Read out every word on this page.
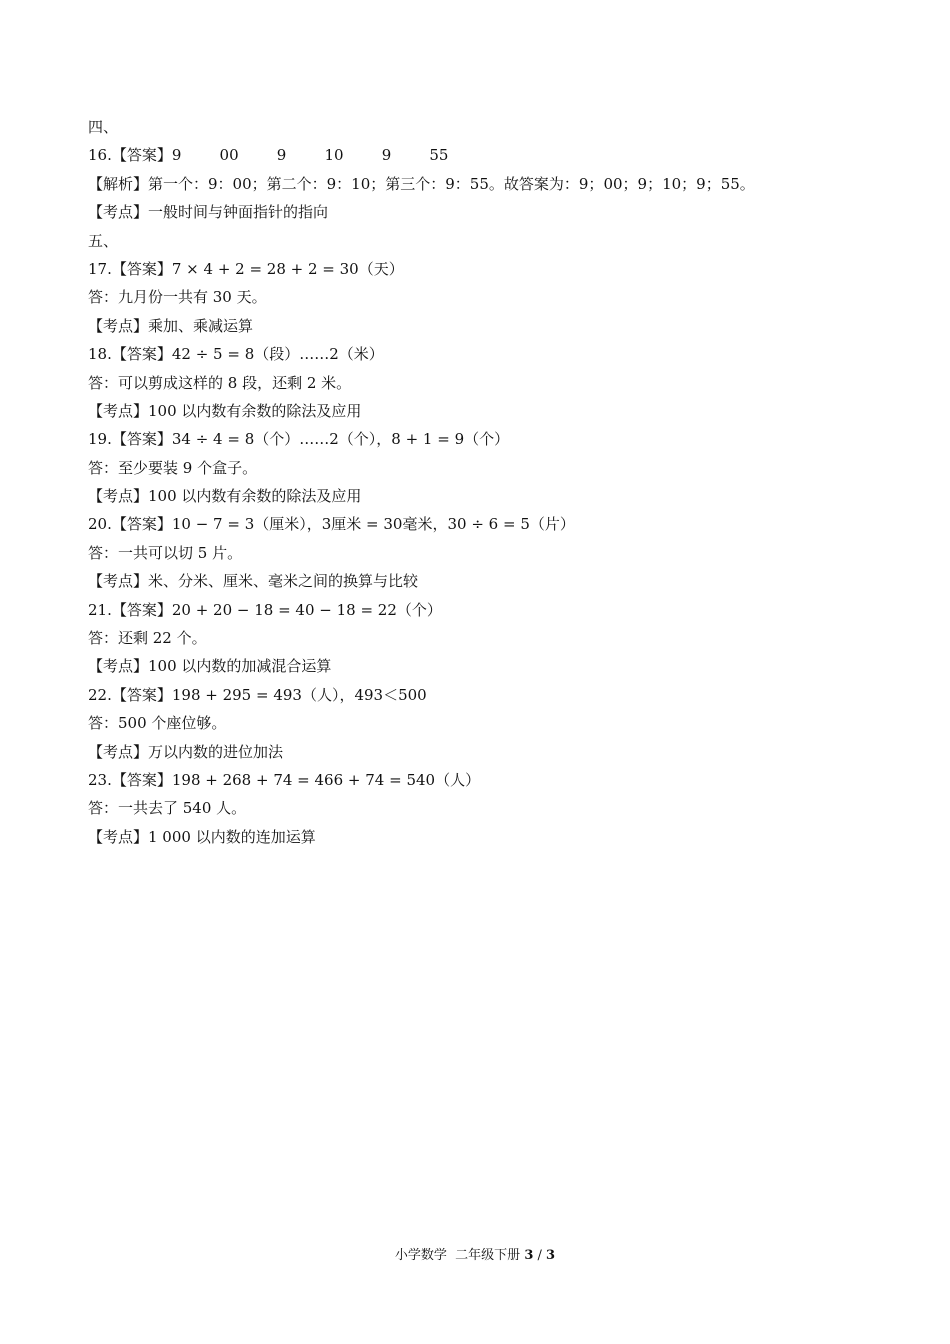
四、
16.【答案】9        00        9        10        9        55
【解析】第一个：9：00；第二个：9：10；第三个：9：55。故答案为：9；00；9；10；9；55。
【考点】一般时间与钟面指针的指向
五、
17.【答案】7 × 4 + 2 = 28 + 2 = 30（天）
答：九月份一共有 30 天。
【考点】乘加、乘减运算
18.【答案】42 ÷ 5 = 8（段）……2（米）
答：可以剪成这样的 8 段，还剩 2 米。
【考点】100 以内数有余数的除法及应用
19.【答案】34 ÷ 4 = 8（个）……2（个），8 + 1 = 9（个）
答：至少要装 9 个盒子。
【考点】100 以内数有余数的除法及应用
20.【答案】10 − 7 = 3（厘米），3厘米 = 30毫米，30 ÷ 6 = 5（片）
答：一共可以切 5 片。
【考点】米、分米、厘米、毫米之间的换算与比较
21.【答案】20 + 20 − 18 = 40 − 18 = 22（个）
答：还剩 22 个。
【考点】100 以内数的加减混合运算
22.【答案】198 + 295 = 493（人），493＜500
答：500 个座位够。
【考点】万以内数的进位加法
23.【答案】198 + 268 + 74 = 466 + 74 = 540（人）
答：一共去了 540 人。
【考点】1 000 以内数的连加运算
小学数学  二年级下册 3 / 3
